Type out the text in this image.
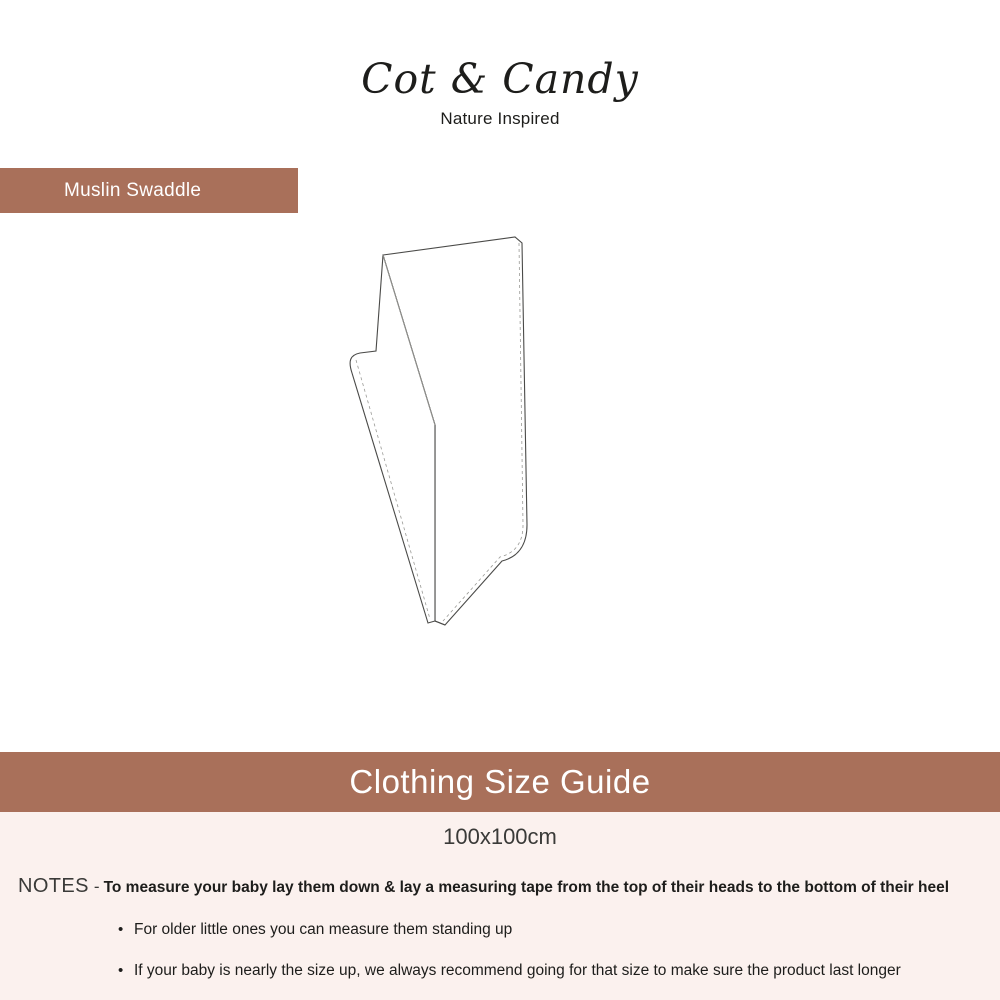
Cot & Candy
Nature Inspired
Muslin Swaddle
Clothing Size Guide
100x100cm
NOTES - To measure your baby lay them down & lay a measuring tape from the top of their heads to the bottom of their heel
• For older little ones you can measure them standing up
• If your baby is nearly the size up, we always recommend going for that size to make sure the product last longer
